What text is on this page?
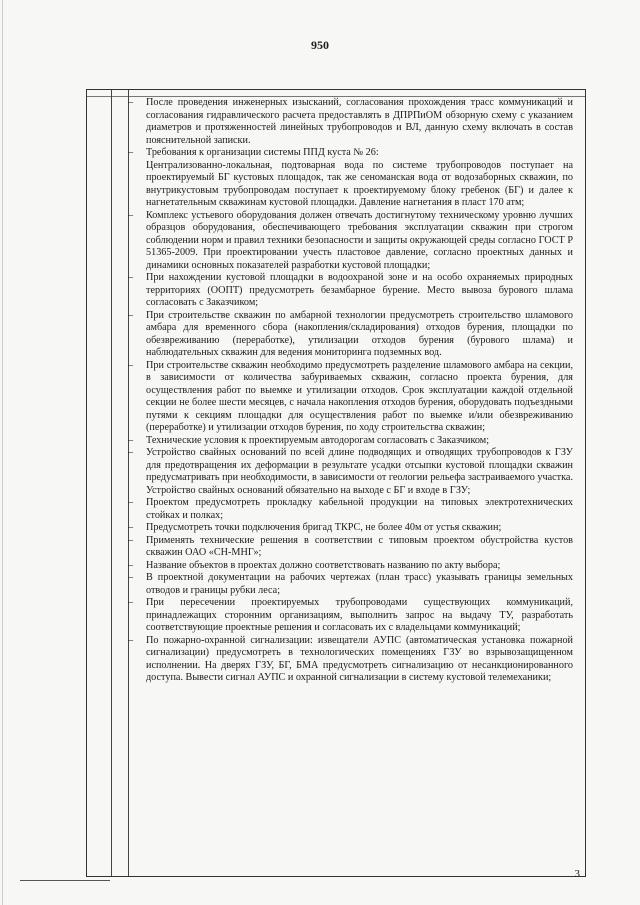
950

– После проведения инженерных изысканий, согласования прохождения трасс коммуникаций и согласования гидравлического расчета предоставлять в ДПРПиОМ обзорную схему с указанием диаметров и протяженностей линейных трубопроводов и ВЛ, данную схему включать в состав пояснительной записки.

– Требования к организации системы ППД куста № 26:

Централизованно-локальная, подтоварная вода по системе трубопроводов поступает на проектируемый БГ кустовых площадок, так же сеноманская вода от водозаборных скважин, по внутрикустовым трубопроводам поступает к проектируемому блоку гребенок (БГ) и далее к нагнетательным скважинам кустовой площадки. Давление нагнетания в пласт 170 атм;

– Комплекс устьевого оборудования должен отвечать достигнутому техническому уровню лучших образцов оборудования, обеспечивающего требования эксплуатации скважин при строгом соблюдении норм и правил техники безопасности и защиты окружающей среды согласно ГОСТ Р 51365-2009. При проектировании учесть пластовое давление, согласно проектных данных и динамики основных показателей разработки кустовой площадки;

– При нахождении кустовой площадки в водоохраной зоне и на особо охраняемых природных территориях (ООПТ) предусмотреть безамбарное бурение. Место вывоза бурового шлама согласовать с Заказчиком;

– При строительстве скважин по амбарной технологии предусмотреть строительство шламового амбара для временного сбора (накопления/складирования) отходов бурения, площадки по обезвреживанию (переработке), утилизации отходов бурения (бурового шлама) и наблюдательных скважин для ведения мониторинга подземных вод.

– При строительстве скважин необходимо предусмотреть разделение шламового амбара на секции, в зависимости от количества забуриваемых скважин, согласно проекта бурения, для осуществления работ по выемке и утилизации отходов. Срок эксплуатации каждой отдельной секции не более шести месяцев, с начала накопления отходов бурения, оборудовать подъездными путями к секциям площадки для осуществления работ по выемке и/или обезвреживанию (переработке) и утилизации отходов бурения, по ходу строительства скважин;

– Технические условия к проектируемым автодорогам согласовать с Заказчиком;

– Устройство свайных оснований по всей длине подводящих и отводящих трубопроводов к ГЗУ для предотвращения их деформации в результате усадки отсыпки кустовой площадки скважин предусматривать при необходимости, в зависимости от геологии рельефа застраиваемого участка. Устройство свайных оснований обязательно на выходе с БГ и входе в ГЗУ;

– Проектом предусмотреть прокладку кабельной продукции на типовых электротехнических стойках и полках;

– Предусмотреть точки подключения бригад ТКРС, не более 40м от устья скважин;

– Применять технические решения в соответствии с типовым проектом обустройства кустов скважин ОАО «СН-МНГ»;

– Название объектов в проектах должно соответствовать названию по акту выбора;

– В проектной документации на рабочих чертежах (план трасс) указывать границы земельных отводов и границы рубки леса;

– При пересечении проектируемых трубопроводами существующих коммуникаций, принадлежащих сторонним организациям, выполнить запрос на выдачу ТУ, разработать соответствующие проектные решения и согласовать их с владельцами коммуникаций;

– По пожарно-охранной сигнализации: извещатели АУПС (автоматическая установка пожарной сигнализации) предусмотреть в технологических помещениях ГЗУ во взрывозащищенном исполнении. На дверях ГЗУ, БГ, БМА предусмотреть сигнализацию от несанкционированного доступа. Вывести сигнал АУПС и охранной сигнализации в систему кустовой телемеханики;

3
